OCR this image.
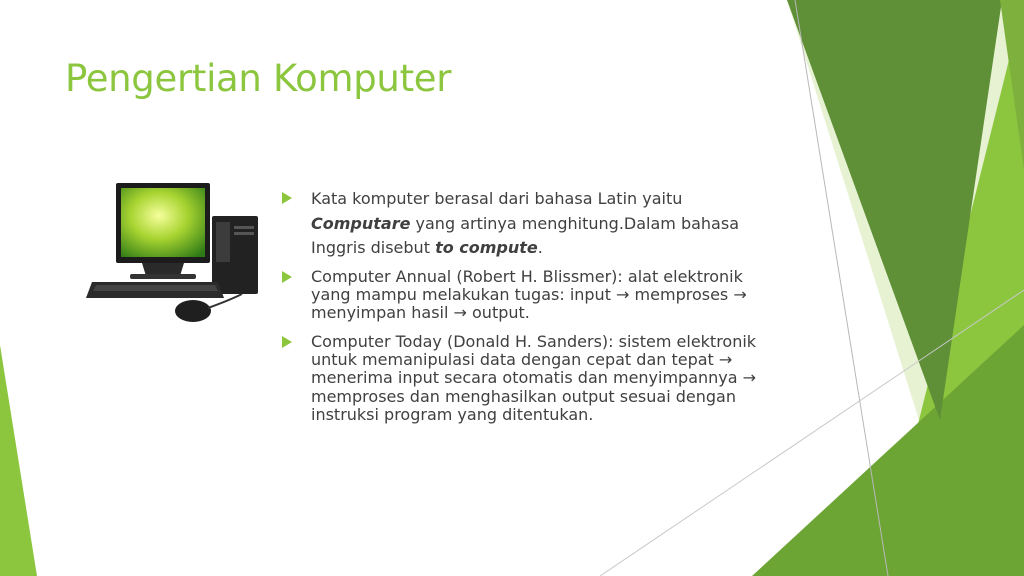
Pengertian Komputer
Kata komputer berasal dari bahasa Latin yaitu Computare yang artinya menghitung.Dalam bahasa Inggris disebut to compute.
Computer Annual (Robert H. Blissmer): alat elektronik yang mampu melakukan tugas: input → memproses → menyimpan hasil → output.
Computer Today (Donald H. Sanders): sistem elektronik untuk memanipulasi data dengan cepat dan tepat → menerima input secara otomatis dan menyimpannya → memproses dan menghasilkan output sesuai dengan instruksi program yang ditentukan.
